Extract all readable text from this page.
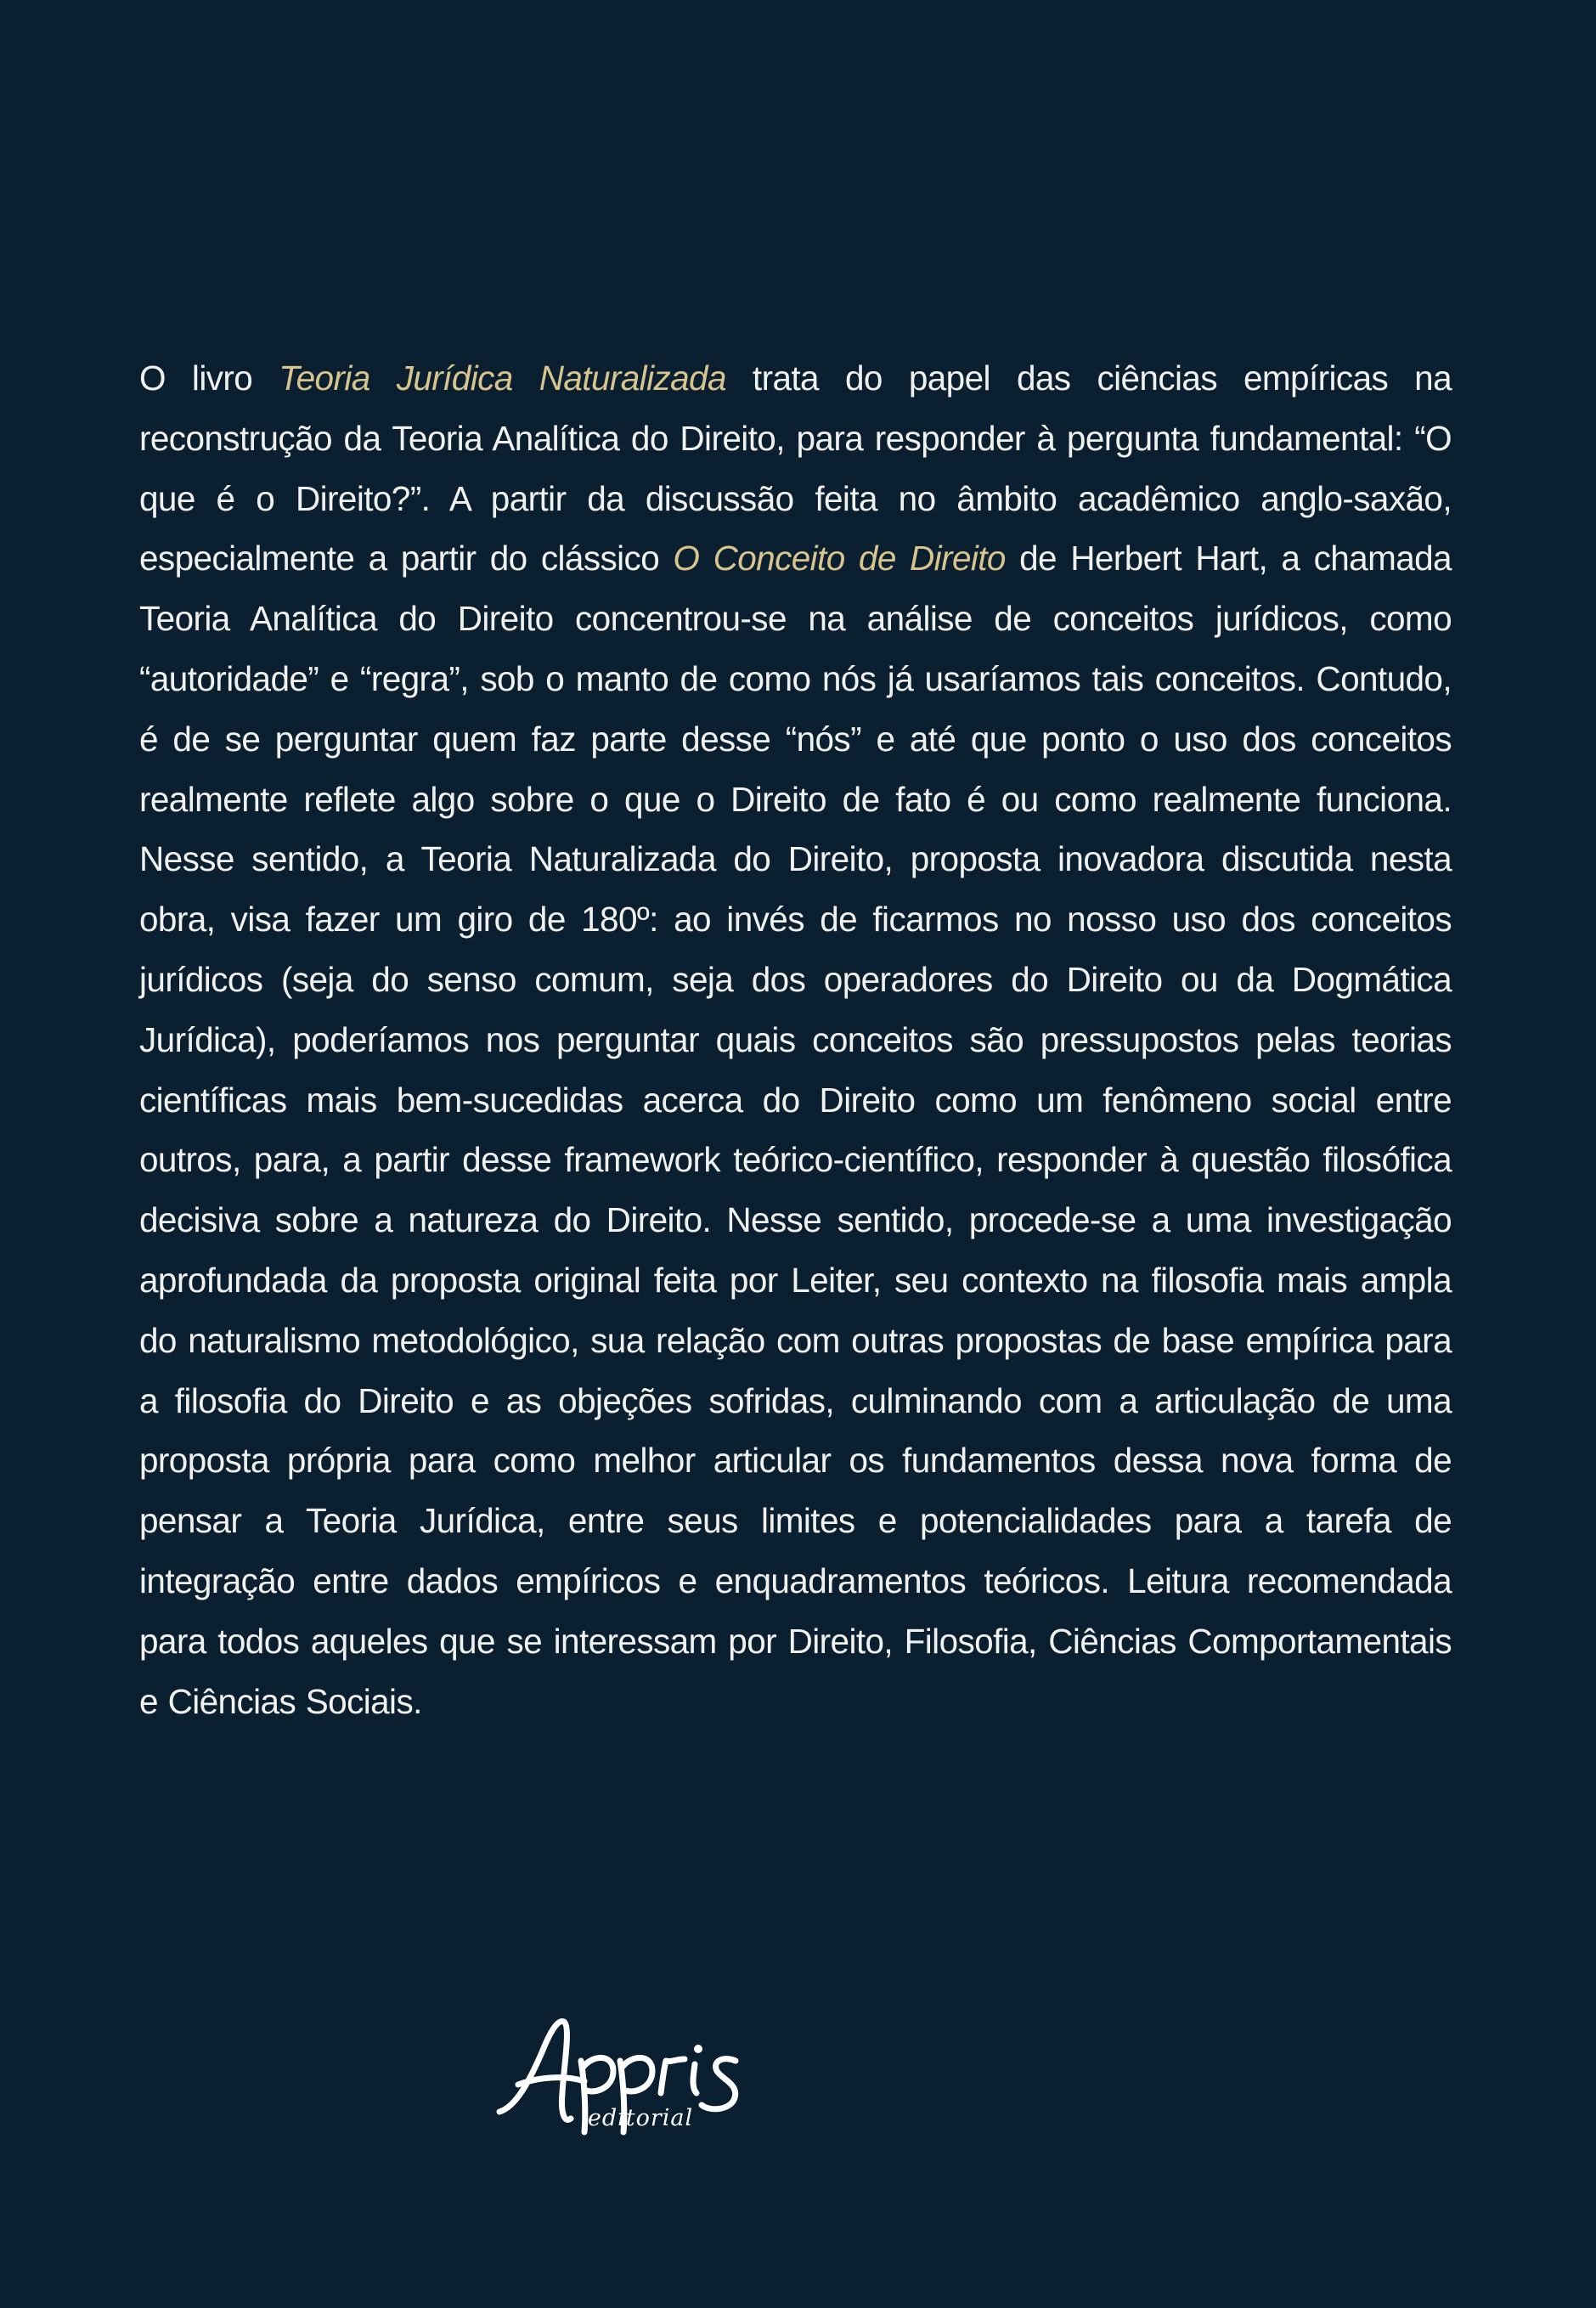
O livro Teoria Jurídica Naturalizada trata do papel das ciências empíricas na reconstrução da Teoria Analítica do Direito, para responder à pergunta fundamental: “O que é o Direito?”. A partir da discussão feita no âmbito acadêmico anglo-saxão, especialmente a partir do clássico O Conceito de Direito de Herbert Hart, a chamada Teoria Analítica do Direito concentrou-se na análise de conceitos jurídicos, como “autoridade” e “regra”, sob o manto de como nós já usaríamos tais conceitos. Contudo, é de se perguntar quem faz parte desse “nós” e até que ponto o uso dos conceitos realmente reflete algo sobre o que o Direito de fato é ou como realmente funciona. Nesse sentido, a Teoria Naturalizada do Direito, proposta inovadora discutida nesta obra, visa fazer um giro de 180º: ao invés de ficarmos no nosso uso dos conceitos jurídicos (seja do senso comum, seja dos operadores do Direito ou da Dogmática Jurídica), poderíamos nos perguntar quais conceitos são pressupostos pelas teorias científicas mais bem-sucedidas acerca do Direito como um fenômeno social entre outros, para, a partir desse framework teórico-científico, responder à questão filosófica decisiva sobre a natureza do Direito. Nesse sentido, procede-se a uma investigação aprofundada da proposta original feita por Leiter, seu contexto na filosofia mais ampla do naturalismo metodológico, sua relação com outras propostas de base empírica para a filosofia do Direito e as objeções sofridas, culminando com a articulação de uma proposta própria para como melhor articular os fundamentos dessa nova forma de pensar a Teoria Jurídica, entre seus limites e potencialidades para a tarefa de integração entre dados empíricos e enquadramentos teóricos. Leitura recomendada para todos aqueles que se interessam por Direito, Filosofia, Ciências Comportamentais e Ciências Sociais.

editorial
